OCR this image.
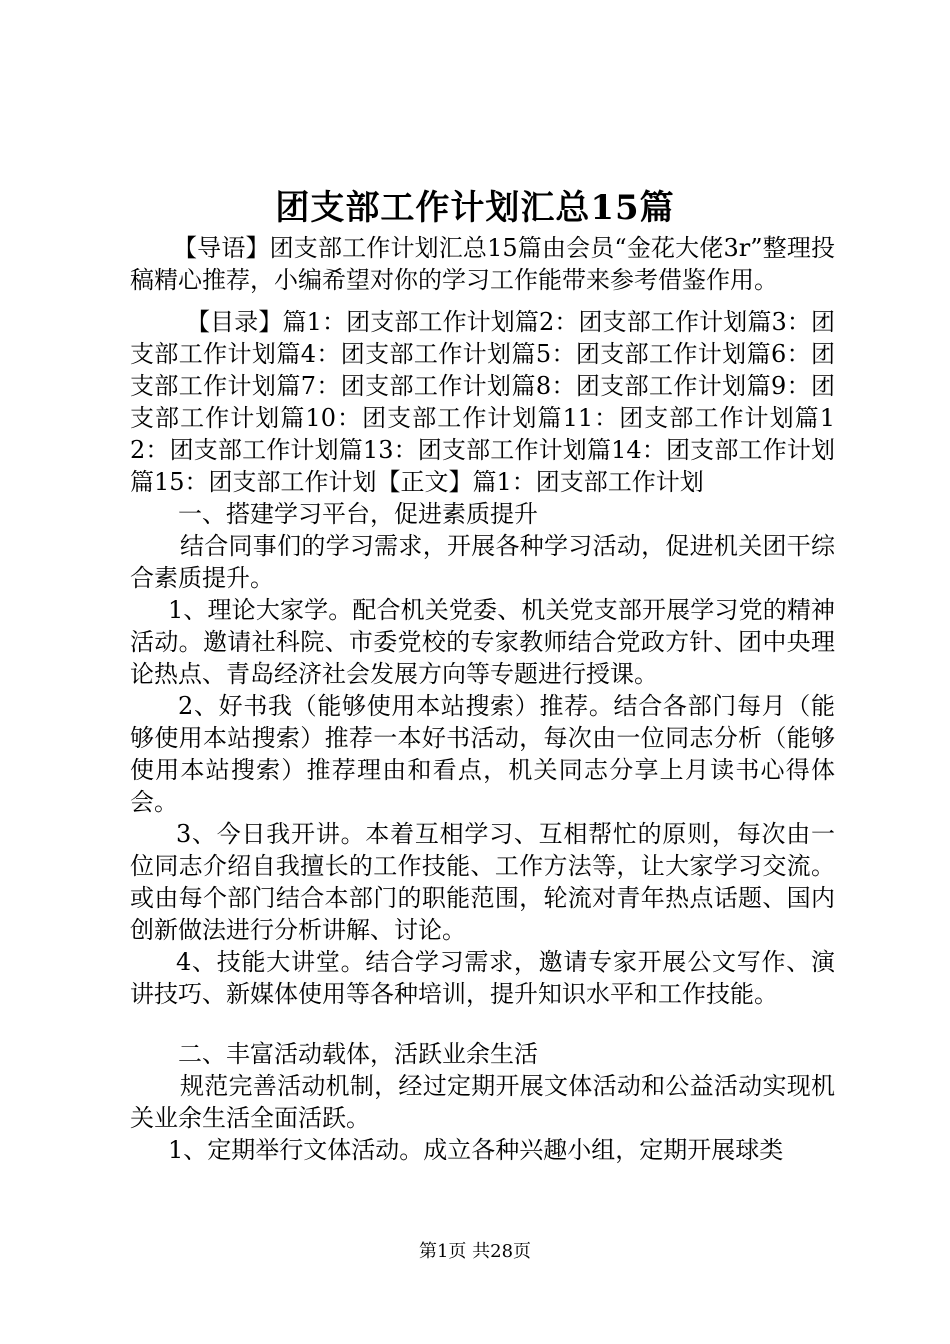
团支部工作计划汇总15篇

【导语】团支部工作计划汇总15篇由会员“金花大佬3r”整理投稿精心推荐，小编希望对你的学习工作能带来参考借鉴作用。

【目录】篇1：团支部工作计划篇2：团支部工作计划篇3：团支部工作计划篇4：团支部工作计划篇5：团支部工作计划篇6：团支部工作计划篇7：团支部工作计划篇8：团支部工作计划篇9：团支部工作计划篇10：团支部工作计划篇11：团支部工作计划篇12：团支部工作计划篇13：团支部工作计划篇14：团支部工作计划篇15：团支部工作计划【正文】篇1：团支部工作计划

一、搭建学习平台，促进素质提升

结合同事们的学习需求，开展各种学习活动，促进机关团干综合素质提升。

1、理论大家学。配合机关党委、机关党支部开展学习党的精神活动。邀请社科院、市委党校的专家教师结合党政方针、团中央理论热点、青岛经济社会发展方向等专题进行授课。

2、好书我（能够使用本站搜索）推荐。结合各部门每月（能够使用本站搜索）推荐一本好书活动，每次由一位同志分析（能够使用本站搜索）推荐理由和看点，机关同志分享上月读书心得体会。

3、今日我开讲。本着互相学习、互相帮忙的原则，每次由一位同志介绍自我擅长的工作技能、工作方法等，让大家学习交流。或由每个部门结合本部门的职能范围，轮流对青年热点话题、国内创新做法进行分析讲解、讨论。

4、技能大讲堂。结合学习需求，邀请专家开展公文写作、演讲技巧、新媒体使用等各种培训，提升知识水平和工作技能。

二、丰富活动载体，活跃业余生活

规范完善活动机制，经过定期开展文体活动和公益活动实现机关业余生活全面活跃。

1、定期举行文体活动。成立各种兴趣小组，定期开展球类

第1页 共28页
